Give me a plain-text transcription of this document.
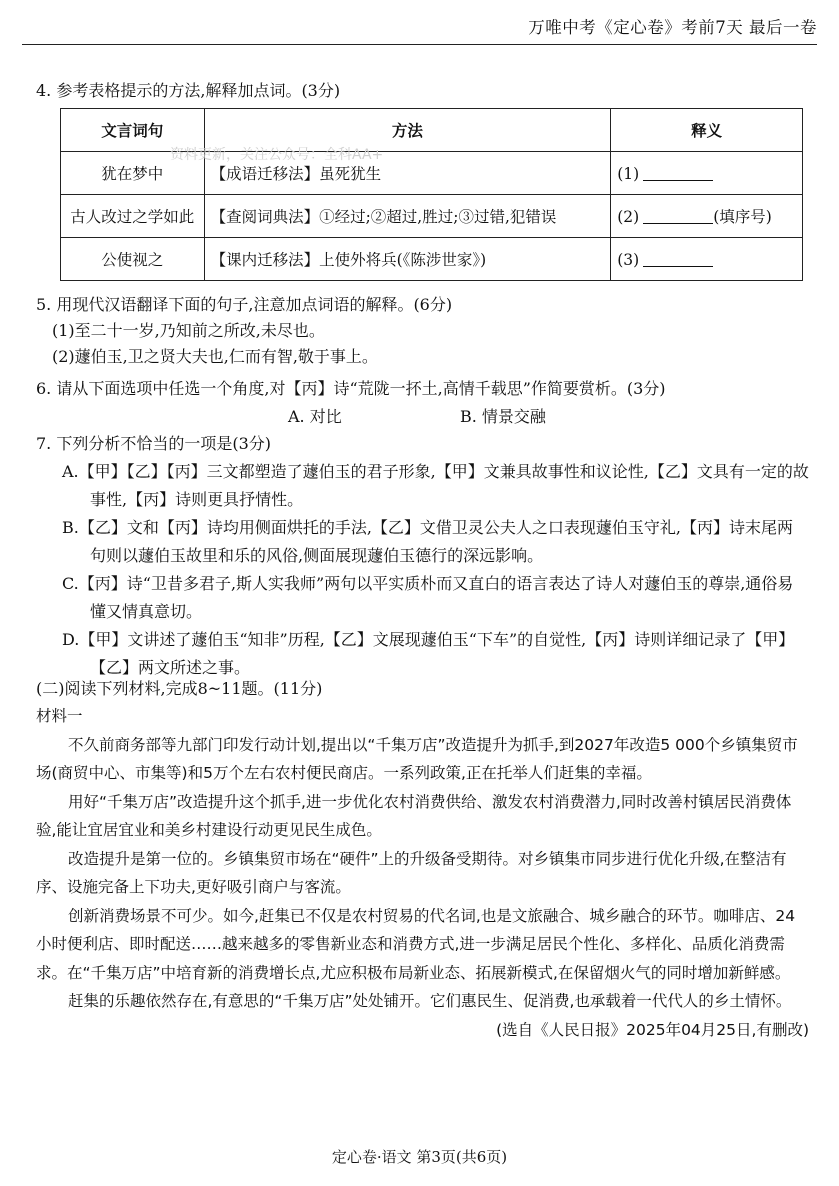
万唯中考《定心卷》考前7天 最后一卷
4. 参考表格提示的方法,解释加点词。(3分)
文言词句	方法	释义
犹在梦中	【成语迁移法】虽死犹生	(1)
古人改过之学如此	【查阅词典法】①经过;②超过,胜过;③过错,犯错误	(2) (填序号)
公使视之	【课内迁移法】上使外将兵(《陈涉世家》)	(3)
资料更新，关注公众号：全科AA+

5. 用现代汉语翻译下面的句子,注意加点词语的解释。(6分)

(1)至二十一岁,乃知前之所改,未尽也。

(2)蘧伯玉,卫之贤大夫也,仁而有智,敬于事上。

6. 请从下面选项中任选一个角度,对【丙】诗“荒陇一抔土,高情千载思”作简要赏析。(3分)
A. 对比	B. 情景交融

7. 下列分析不恰当的一项是(3分)

A.【甲】【乙】【丙】三文都塑造了蘧伯玉的君子形象,【甲】文兼具故事性和议论性,【乙】文具有一定的故事性,【丙】诗则更具抒情性。

B.【乙】文和【丙】诗均用侧面烘托的手法,【乙】文借卫灵公夫人之口表现蘧伯玉守礼,【丙】诗末尾两句则以蘧伯玉故里和乐的风俗,侧面展现蘧伯玉德行的深远影响。

C.【丙】诗“卫昔多君子,斯人实我师”两句以平实质朴而又直白的语言表达了诗人对蘧伯玉的尊崇,通俗易懂又情真意切。

D.【甲】文讲述了蘧伯玉“知非”历程,【乙】文展现蘧伯玉“下车”的自觉性,【丙】诗则详细记录了【甲】【乙】两文所述之事。

(二)阅读下列材料,完成8~11题。(11分)

材料一

不久前商务部等九部门印发行动计划,提出以“千集万店”改造提升为抓手,到2027年改造5 000个乡镇集贸市场(商贸中心、市集等)和5万个左右农村便民商店。一系列政策,正在托举人们赶集的幸福。

用好“千集万店”改造提升这个抓手,进一步优化农村消费供给、激发农村消费潜力,同时改善村镇居民消费体验,能让宜居宜业和美乡村建设行动更见民生成色。

改造提升是第一位的。乡镇集贸市场在“硬件”上的升级备受期待。对乡镇集市同步进行优化升级,在整洁有序、设施完备上下功夫,更好吸引商户与客流。

创新消费场景不可少。如今,赶集已不仅是农村贸易的代名词,也是文旅融合、城乡融合的环节。咖啡店、24小时便利店、即时配送……越来越多的零售新业态和消费方式,进一步满足居民个性化、多样化、品质化消费需求。在“千集万店”中培育新的消费增长点,尤应积极布局新业态、拓展新模式,在保留烟火气的同时增加新鲜感。

赶集的乐趣依然存在,有意思的“千集万店”处处铺开。它们惠民生、促消费,也承载着一代代人的乡土情怀。

(选自《人民日报》2025年04月25日,有删改)

定心卷·语文 第3页(共6页)
